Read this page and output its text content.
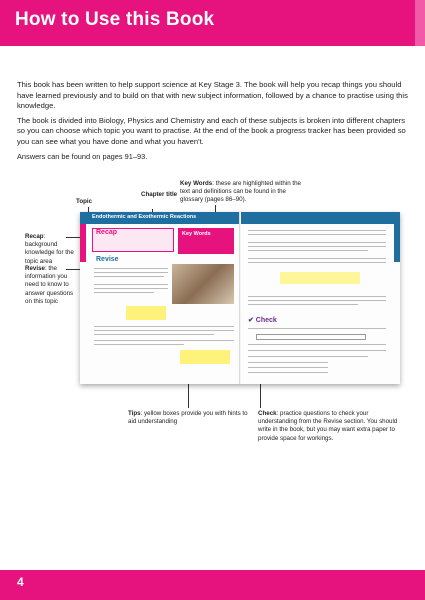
How to Use this Book

This book has been written to help support science at Key Stage 3. The book will help you recap things you should have learned previously and to build on that with new subject information, followed by a chance to practise using this knowledge.

The book is divided into Biology, Physics and Chemistry and each of these subjects is broken into different chapters so you can choose which topic you want to practise. At the end of the book a progress tracker has been provided so you can see what you have done and what you haven't.

Answers can be found on pages 91–93.

Topic
Chapter title
Key Words: these are highlighted within the text and definitions can be found in the glossary (pages 86–90).
Recap: background knowledge for the topic area
Revise: the information you need to know to answer questions on this topic
Tips: yellow boxes provide you with hints to aid understanding
Check: practice questions to check your understanding from the Revise section. You should write in the book, but you may want extra paper to provide space for workings.
Endothermic and Exothermic Reactions
Recap	Key Words
Revise
✔ Check
4
